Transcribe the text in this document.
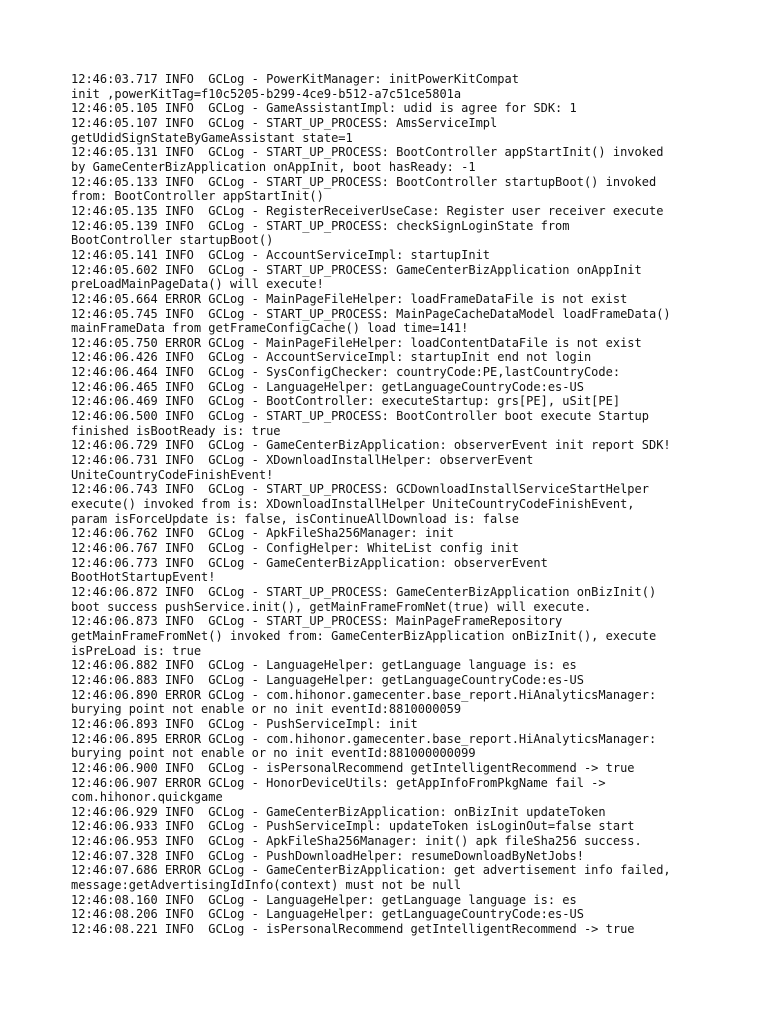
12:46:03.717 INFO  GCLog - PowerKitManager: initPowerKitCompat
init ,powerKitTag=f10c5205-b299-4ce9-b512-a7c51ce5801a
12:46:05.105 INFO  GCLog - GameAssistantImpl: udid is agree for SDK: 1
12:46:05.107 INFO  GCLog - START_UP_PROCESS: AmsServiceImpl
getUdidSignStateByGameAssistant state=1
12:46:05.131 INFO  GCLog - START_UP_PROCESS: BootController appStartInit() invoked
by GameCenterBizApplication onAppInit, boot hasReady: -1
12:46:05.133 INFO  GCLog - START_UP_PROCESS: BootController startupBoot() invoked
from: BootController appStartInit()
12:46:05.135 INFO  GCLog - RegisterReceiverUseCase: Register user receiver execute
12:46:05.139 INFO  GCLog - START_UP_PROCESS: checkSignLoginState from
BootController startupBoot()
12:46:05.141 INFO  GCLog - AccountServiceImpl: startupInit
12:46:05.602 INFO  GCLog - START_UP_PROCESS: GameCenterBizApplication onAppInit
preLoadMainPageData() will execute!
12:46:05.664 ERROR GCLog - MainPageFileHelper: loadFrameDataFile is not exist
12:46:05.745 INFO  GCLog - START_UP_PROCESS: MainPageCacheDataModel loadFrameData()
mainFrameData from getFrameConfigCache() load time=141!
12:46:05.750 ERROR GCLog - MainPageFileHelper: loadContentDataFile is not exist
12:46:06.426 INFO  GCLog - AccountServiceImpl: startupInit end not login
12:46:06.464 INFO  GCLog - SysConfigChecker: countryCode:PE,lastCountryCode:
12:46:06.465 INFO  GCLog - LanguageHelper: getLanguageCountryCode:es-US
12:46:06.469 INFO  GCLog - BootController: executeStartup: grs[PE], uSit[PE]
12:46:06.500 INFO  GCLog - START_UP_PROCESS: BootController boot execute Startup
finished isBootReady is: true
12:46:06.729 INFO  GCLog - GameCenterBizApplication: observerEvent init report SDK!
12:46:06.731 INFO  GCLog - XDownloadInstallHelper: observerEvent
UniteCountryCodeFinishEvent!
12:46:06.743 INFO  GCLog - START_UP_PROCESS: GCDownloadInstallServiceStartHelper
execute() invoked from is: XDownloadInstallHelper UniteCountryCodeFinishEvent,
param isForceUpdate is: false, isContinueAllDownload is: false
12:46:06.762 INFO  GCLog - ApkFileSha256Manager: init
12:46:06.767 INFO  GCLog - ConfigHelper: WhiteList config init
12:46:06.773 INFO  GCLog - GameCenterBizApplication: observerEvent
BootHotStartupEvent!
12:46:06.872 INFO  GCLog - START_UP_PROCESS: GameCenterBizApplication onBizInit()
boot success pushService.init(), getMainFrameFromNet(true) will execute.
12:46:06.873 INFO  GCLog - START_UP_PROCESS: MainPageFrameRepository
getMainFrameFromNet() invoked from: GameCenterBizApplication onBizInit(), execute
isPreLoad is: true
12:46:06.882 INFO  GCLog - LanguageHelper: getLanguage language is: es
12:46:06.883 INFO  GCLog - LanguageHelper: getLanguageCountryCode:es-US
12:46:06.890 ERROR GCLog - com.hihonor.gamecenter.base_report.HiAnalyticsManager:
burying point not enable or no init eventId:8810000059
12:46:06.893 INFO  GCLog - PushServiceImpl: init
12:46:06.895 ERROR GCLog - com.hihonor.gamecenter.base_report.HiAnalyticsManager:
burying point not enable or no init eventId:881000000099
12:46:06.900 INFO  GCLog - isPersonalRecommend getIntelligentRecommend -> true
12:46:06.907 ERROR GCLog - HonorDeviceUtils: getAppInfoFromPkgName fail ->
com.hihonor.quickgame
12:46:06.929 INFO  GCLog - GameCenterBizApplication: onBizInit updateToken
12:46:06.933 INFO  GCLog - PushServiceImpl: updateToken isLoginOut=false start
12:46:06.953 INFO  GCLog - ApkFileSha256Manager: init() apk fileSha256 success.
12:46:07.328 INFO  GCLog - PushDownloadHelper: resumeDownloadByNetJobs!
12:46:07.686 ERROR GCLog - GameCenterBizApplication: get advertisement info failed,
message:getAdvertisingIdInfo(context) must not be null
12:46:08.160 INFO  GCLog - LanguageHelper: getLanguage language is: es
12:46:08.206 INFO  GCLog - LanguageHelper: getLanguageCountryCode:es-US
12:46:08.221 INFO  GCLog - isPersonalRecommend getIntelligentRecommend -> true
